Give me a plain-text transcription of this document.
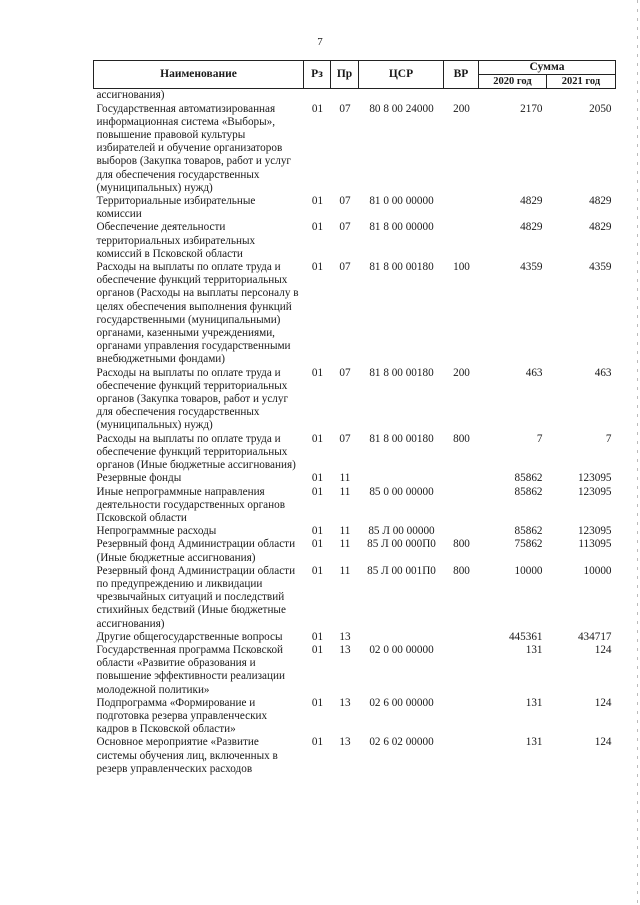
7
Наименование	Рз	Пр	ЦСР	ВР	Сумма	
					2020 год	2021 год
ассигнования)						
Государственная автоматизированная информационная система «Выборы», повышение правовой культуры избирателей и обучение организаторов выборов (Закупка товаров, работ и услуг для обеспечения государственных (муниципальных) нужд)	01	07	80 8 00 24000	200	2170	2050
Территориальные избирательные комиссии	01	07	81 0 00 00000		4829	4829
Обеспечение деятельности территориальных избирательных комиссий в Псковской области	01	07	81 8 00 00000		4829	4829
Расходы на выплаты по оплате труда и обеспечение функций территориальных органов (Расходы на выплаты персоналу в целях обеспечения выполнения функций государственными (муниципальными) органами, казенными учреждениями, органами управления государственными внебюджетными фондами)	01	07	81 8 00 00180	100	4359	4359
Расходы на выплаты по оплате труда и обеспечение функций территориальных органов (Закупка товаров, работ и услуг для обеспечения государственных (муниципальных) нужд)	01	07	81 8 00 00180	200	463	463
Расходы на выплаты по оплате труда и обеспечение функций территориальных органов (Иные бюджетные ассигнования)	01	07	81 8 00 00180	800	7	7
Резервные фонды	01	11			85862	123095
Иные непрограммные направления деятельности государственных органов Псковской области	01	11	85 0 00 00000		85862	123095
Непрограммные расходы	01	11	85 Л 00 00000		85862	123095
Резервный фонд Администрации области (Иные бюджетные ассигнования)	01	11	85 Л 00 000П0	800	75862	113095
Резервный фонд Администрации области по предупреждению и ликвидации чрезвычайных ситуаций и последствий стихийных бедствий (Иные бюджетные ассигнования)	01	11	85 Л 00 001П0	800	10000	10000
Другие общегосударственные вопросы	01	13			445361	434717
Государственная программа Псковской области «Развитие образования и повышение эффективности реализации молодежной политики»	01	13	02 0 00 00000		131	124
Подпрограмма «Формирование и подготовка резерва управленческих кадров в Псковской области»	01	13	02 6 00 00000		131	124
Основное мероприятие «Развитие системы обучения лиц, включенных в резерв управленческих расходов	01	13	02 6 02 00000		131	124
